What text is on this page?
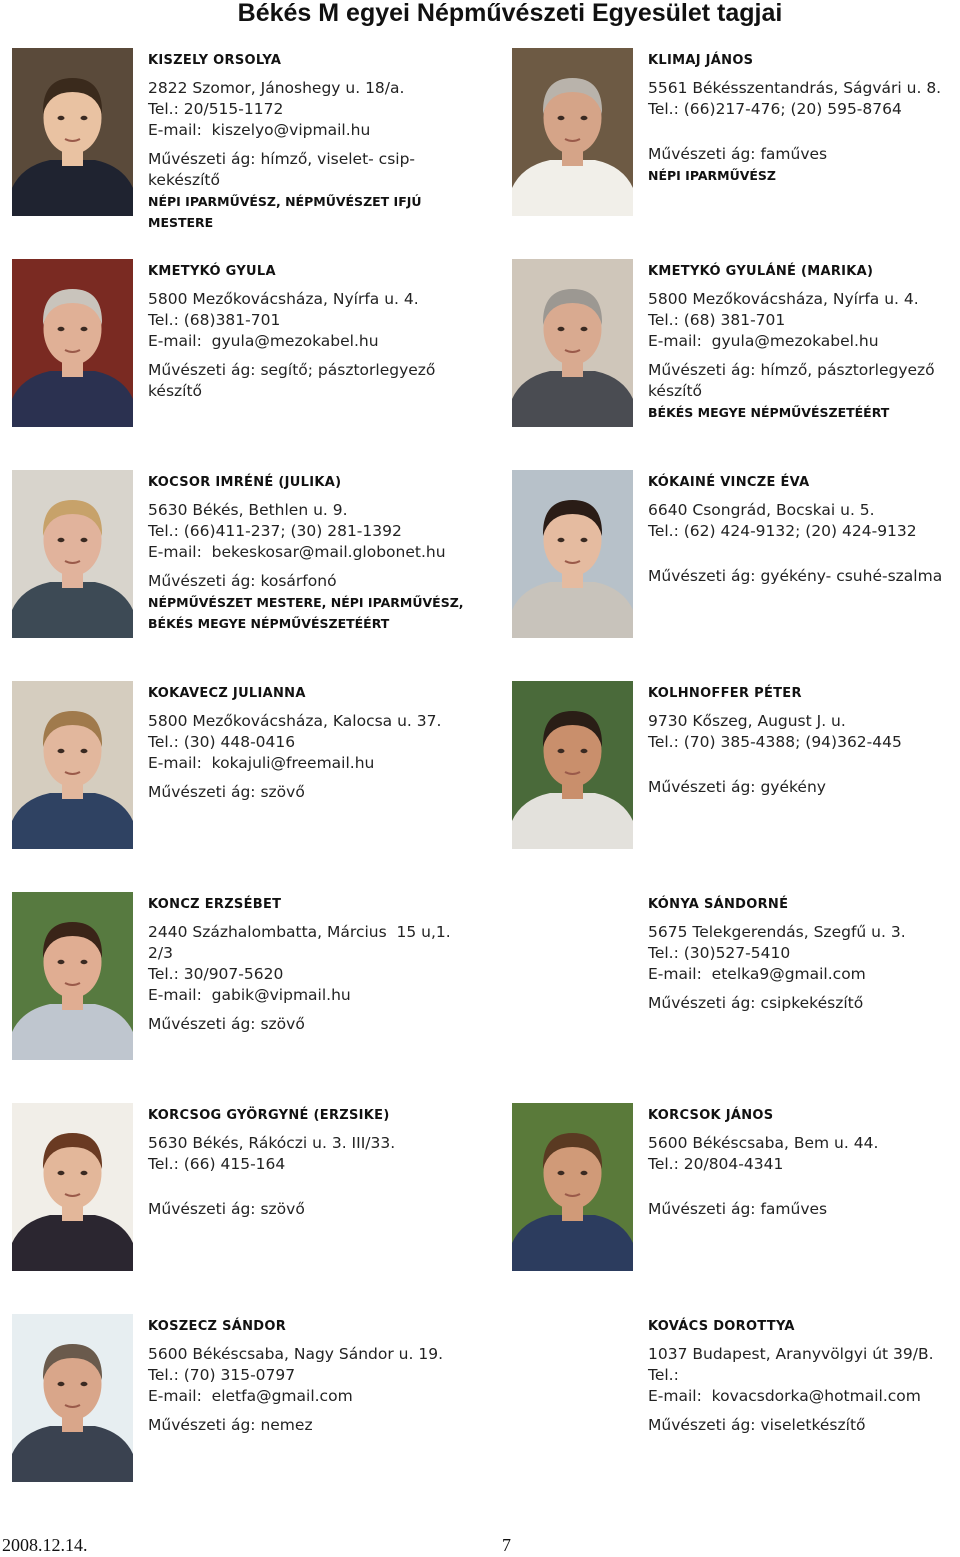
Békés M egyei Népművészeti Egyesület tagjai
KISZELY ORSOLYA
2822 Szomor, Jánoshegy u. 18/a.
Tel.: 20/515-1172
E-mail:  kiszelyo@vipmail.hu
Művészeti ág: hímző, viselet- csip-
kekészítő
NÉPI IPARMŰVÉSZ, NÉPMŰVÉSZET IFJÚ MESTERE
KLIMAJ JÁNOS
5561 Békésszentandrás, Ságvári u. 8.
Tel.: (66)217-476; (20) 595-8764
Művészeti ág: faműves
NÉPI IPARMŰVÉSZ
KMETYKÓ GYULA
5800 Mezőkovácsháza, Nyírfa u. 4.
Tel.: (68)381-701
E-mail:  gyula@mezokabel.hu
Művészeti ág: segítő; pásztorlegyező
készítő
KMETYKÓ GYULÁNÉ (MARIKA)
5800 Mezőkovácsháza, Nyírfa u. 4.
Tel.: (68) 381-701
E-mail:  gyula@mezokabel.hu
Művészeti ág: hímző, pásztorlegyező
készítő
BÉKÉS MEGYE NÉPMŰVÉSZETÉÉRT
KOCSOR IMRÉNÉ (JULIKA)
5630 Békés, Bethlen u. 9.
Tel.: (66)411-237; (30) 281-1392
E-mail:  bekeskosar@mail.globonet.hu
Művészeti ág: kosárfonó
NÉPMŰVÉSZET MESTERE, NÉPI IPARMŰVÉSZ,
BÉKÉS MEGYE NÉPMŰVÉSZETÉÉRT
KÓKAINÉ VINCZE ÉVA
6640 Csongrád, Bocskai u. 5.
Tel.: (62) 424-9132; (20) 424-9132
Művészeti ág: gyékény- csuhé-szalma
KOKAVECZ JULIANNA
5800 Mezőkovácsháza, Kalocsa u. 37.
Tel.: (30) 448-0416
E-mail:  kokajuli@freemail.hu
Művészeti ág: szövő
KOLHNOFFER PÉTER
9730 Kőszeg, August J. u.
Tel.: (70) 385-4388; (94)362-445
Művészeti ág: gyékény
KONCZ ERZSÉBET
2440 Százhalombatta, Március  15 u,1.
2/3
Tel.: 30/907-5620
E-mail:  gabik@vipmail.hu
Művészeti ág: szövő
KÓNYA SÁNDORNÉ
5675 Telekgerendás, Szegfű u. 3.
Tel.: (30)527-5410
E-mail:  etelka9@gmail.com
Művészeti ág: csipkekészítő
KORCSOG GYÖRGYNÉ (ERZSIKE)
5630 Békés, Rákóczi u. 3. III/33.
Tel.: (66) 415-164
Művészeti ág: szövő
KORCSOK JÁNOS
5600 Békéscsaba, Bem u. 44.
Tel.: 20/804-4341
Művészeti ág: faműves
KOSZECZ SÁNDOR
5600 Békéscsaba, Nagy Sándor u. 19.
Tel.: (70) 315-0797
E-mail:  eletfa@gmail.com
Művészeti ág: nemez
KOVÁCS DOROTTYA
1037 Budapest, Aranyvölgyi út 39/B.
Tel.:
E-mail:  kovacsdorka@hotmail.com
Művészeti ág: viseletkészítő
2008.12.14.	7
